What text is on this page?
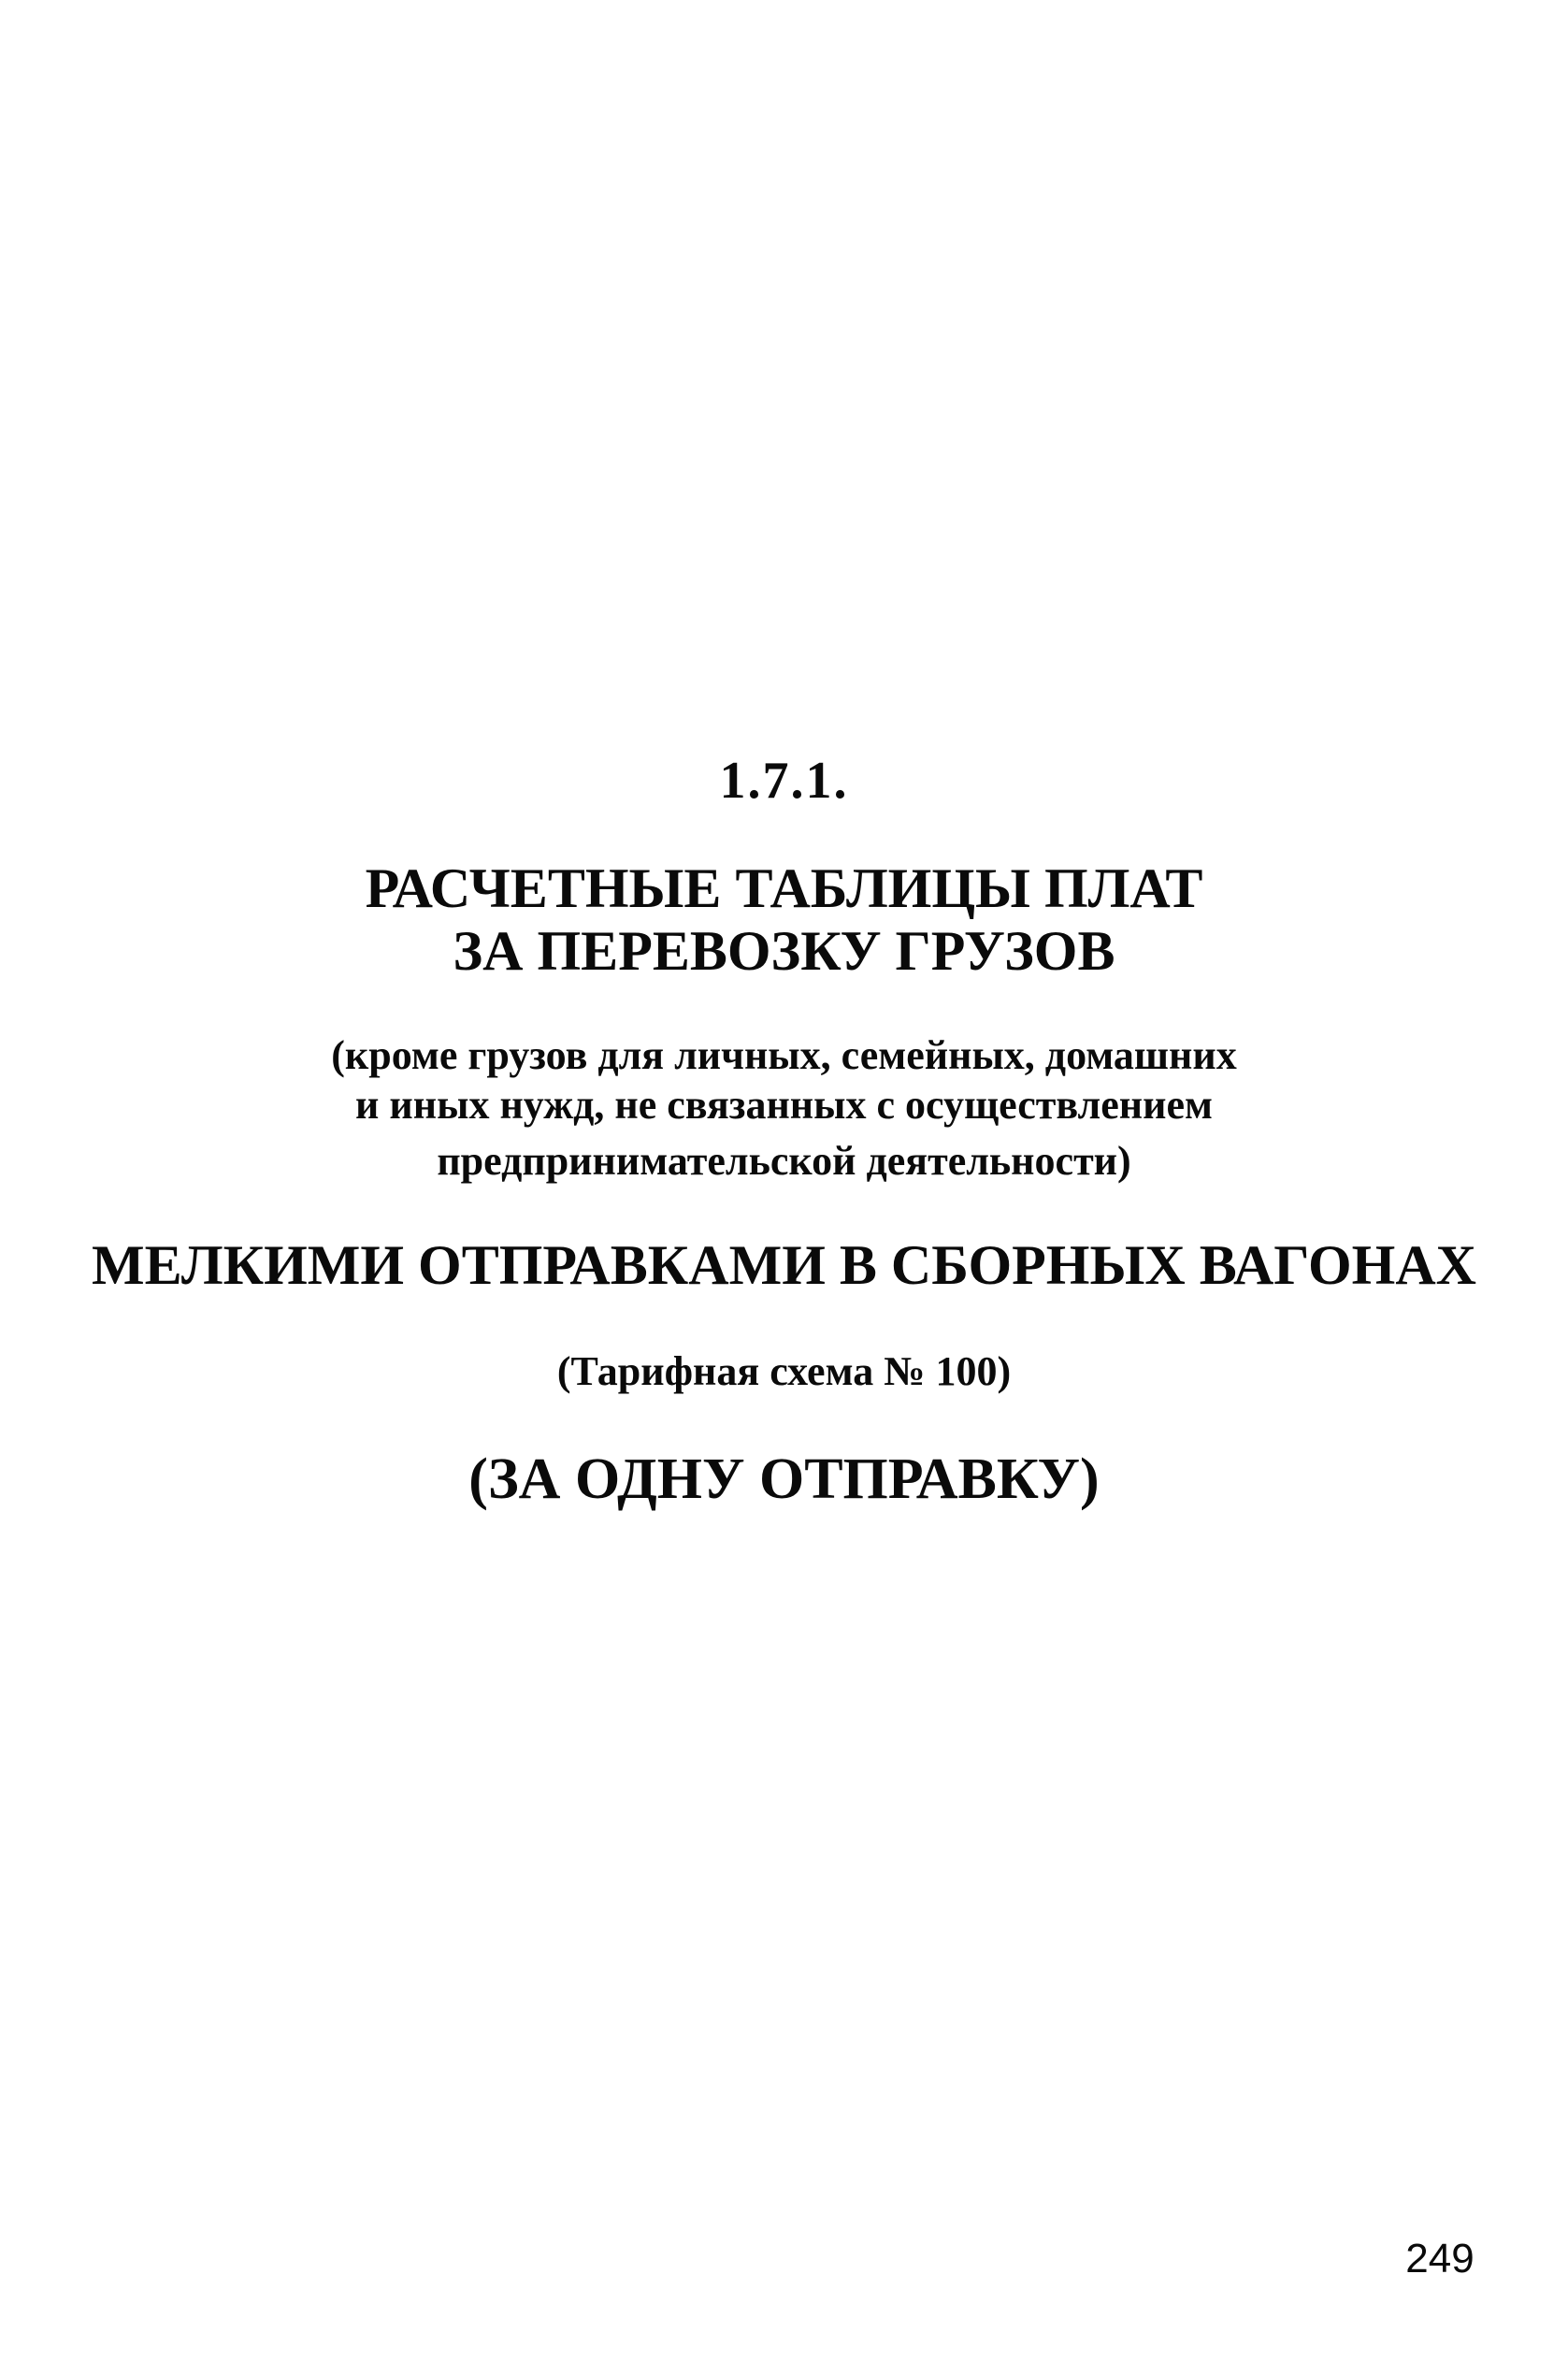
1.7.1.

РАСЧЕТНЫЕ ТАБЛИЦЫ ПЛАТ

ЗА ПЕРЕВОЗКУ ГРУЗОВ

(кроме грузов для личных, семейных, домашних

и иных нужд, не связанных с осуществлением

предпринимательской деятельности)

МЕЛКИМИ ОТПРАВКАМИ В СБОРНЫХ ВАГОНАХ

(Тарифная схема № 100)

(ЗА ОДНУ ОТПРАВКУ)

249
